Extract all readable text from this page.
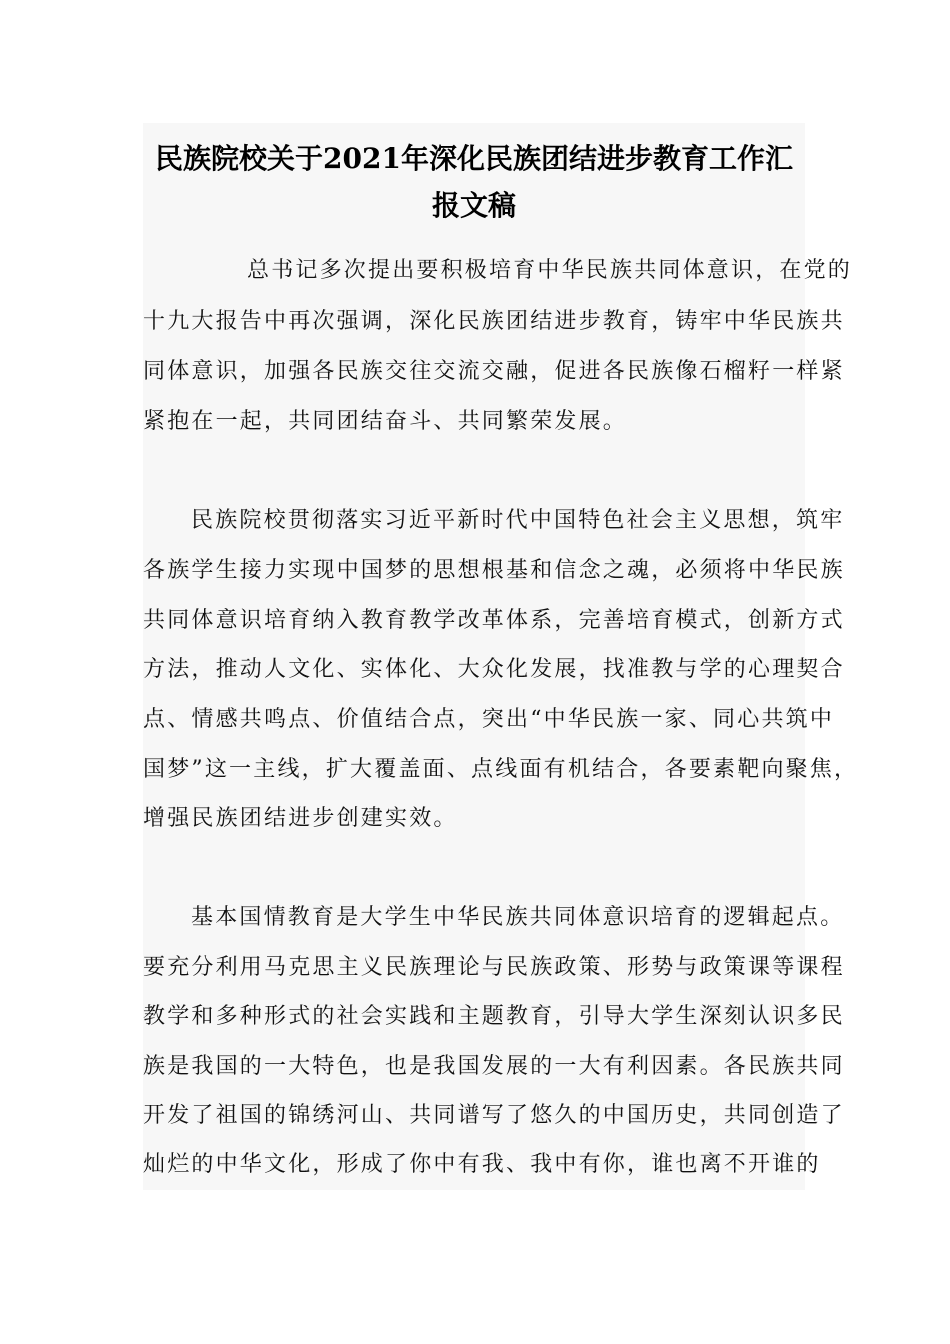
民族院校关于2021年深化民族团结进步教育工作汇
报文稿

总书记多次提出要积极培育中华民族共同体意识，在党的

十九大报告中再次强调，深化民族团结进步教育，铸牢中华民族共

同体意识，加强各民族交往交流交融，促进各民族像石榴籽一样紧

紧抱在一起，共同团结奋斗、共同繁荣发展。

民族院校贯彻落实习近平新时代中国特色社会主义思想，筑牢

各族学生接力实现中国梦的思想根基和信念之魂，必须将中华民族

共同体意识培育纳入教育教学改革体系，完善培育模式，创新方式

方法，推动人文化、实体化、大众化发展，找准教与学的心理契合

点、情感共鸣点、价值结合点，突出“中华民族一家、同心共筑中

国梦”这一主线，扩大覆盖面、点线面有机结合，各要素靶向聚焦，

增强民族团结进步创建实效。

基本国情教育是大学生中华民族共同体意识培育的逻辑起点。

要充分利用马克思主义民族理论与民族政策、形势与政策课等课程

教学和多种形式的社会实践和主题教育，引导大学生深刻认识多民

族是我国的一大特色，也是我国发展的一大有利因素。各民族共同

开发了祖国的锦绣河山、共同谱写了悠久的中国历史，共同创造了

灿烂的中华文化，形成了你中有我、我中有你，谁也离不开谁的
